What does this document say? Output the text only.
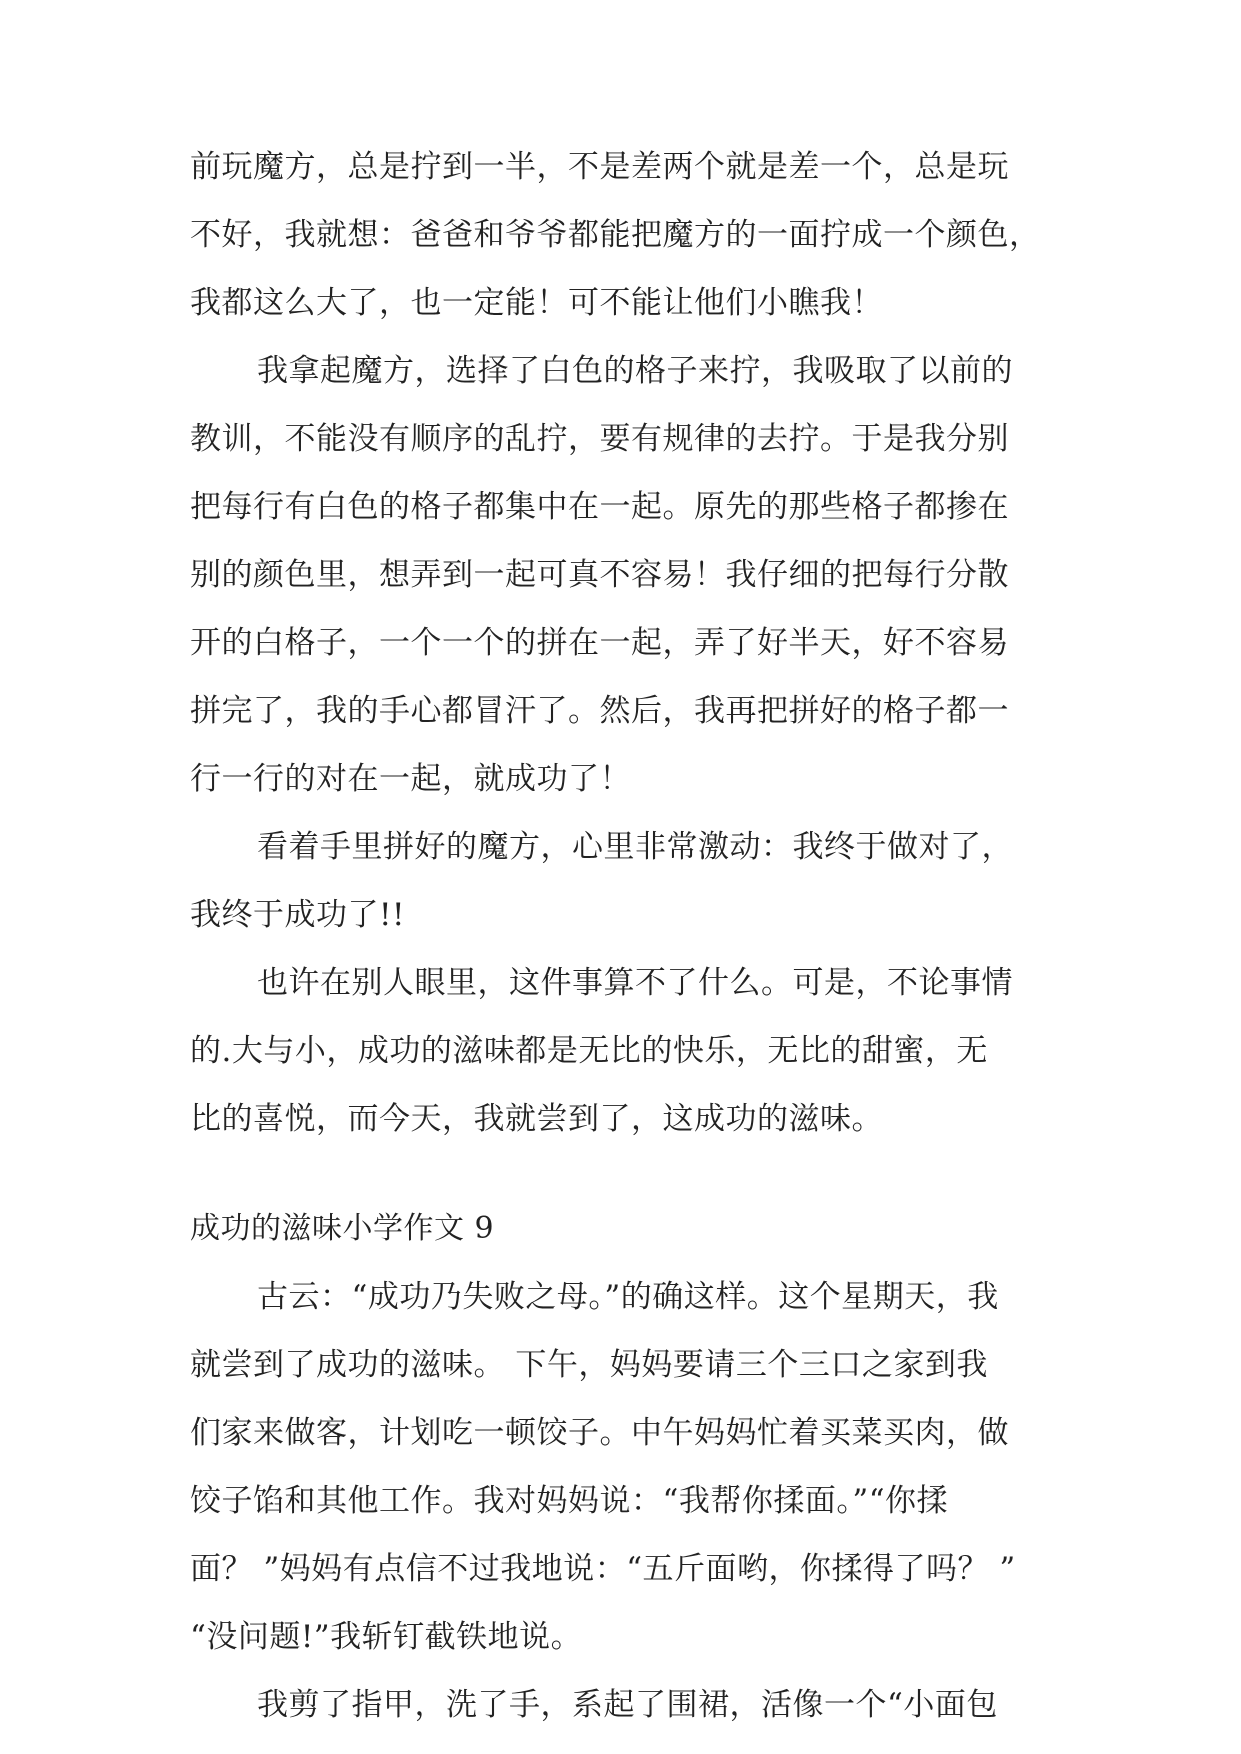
前玩魔方，总是拧到一半，不是差两个就是差一个，总是玩
不好，我就想：爸爸和爷爷都能把魔方的一面拧成一个颜色，
我都这么大了，也一定能！可不能让他们小瞧我！
我拿起魔方，选择了白色的格子来拧，我吸取了以前的
教训，不能没有顺序的乱拧，要有规律的去拧。于是我分别
把每行有白色的格子都集中在一起。原先的那些格子都掺在
别的颜色里，想弄到一起可真不容易！我仔细的把每行分散
开的白格子，一个一个的拼在一起，弄了好半天，好不容易
拼完了，我的手心都冒汗了。然后，我再把拼好的格子都一
行一行的对在一起，就成功了！
看着手里拼好的魔方，心里非常激动：我终于做对了，
我终于成功了!!
也许在别人眼里，这件事算不了什么。可是，不论事情
的.大与小，成功的滋味都是无比的快乐，无比的甜蜜，无
比的喜悦，而今天，我就尝到了，这成功的滋味。
成功的滋味小学作文 9
古云：“成功乃失败之母。”的确这样。这个星期天，我
就尝到了成功的滋味。 下午，妈妈要请三个三口之家到我
们家来做客，计划吃一顿饺子。中午妈妈忙着买菜买肉，做
饺子馅和其他工作。我对妈妈说：“我帮你揉面。”“你揉
面？ ”妈妈有点信不过我地说：“五斤面哟，你揉得了吗？ ”
“没问题!”我斩钉截铁地说。
我剪了指甲，洗了手，系起了围裙，活像一个“小面包
